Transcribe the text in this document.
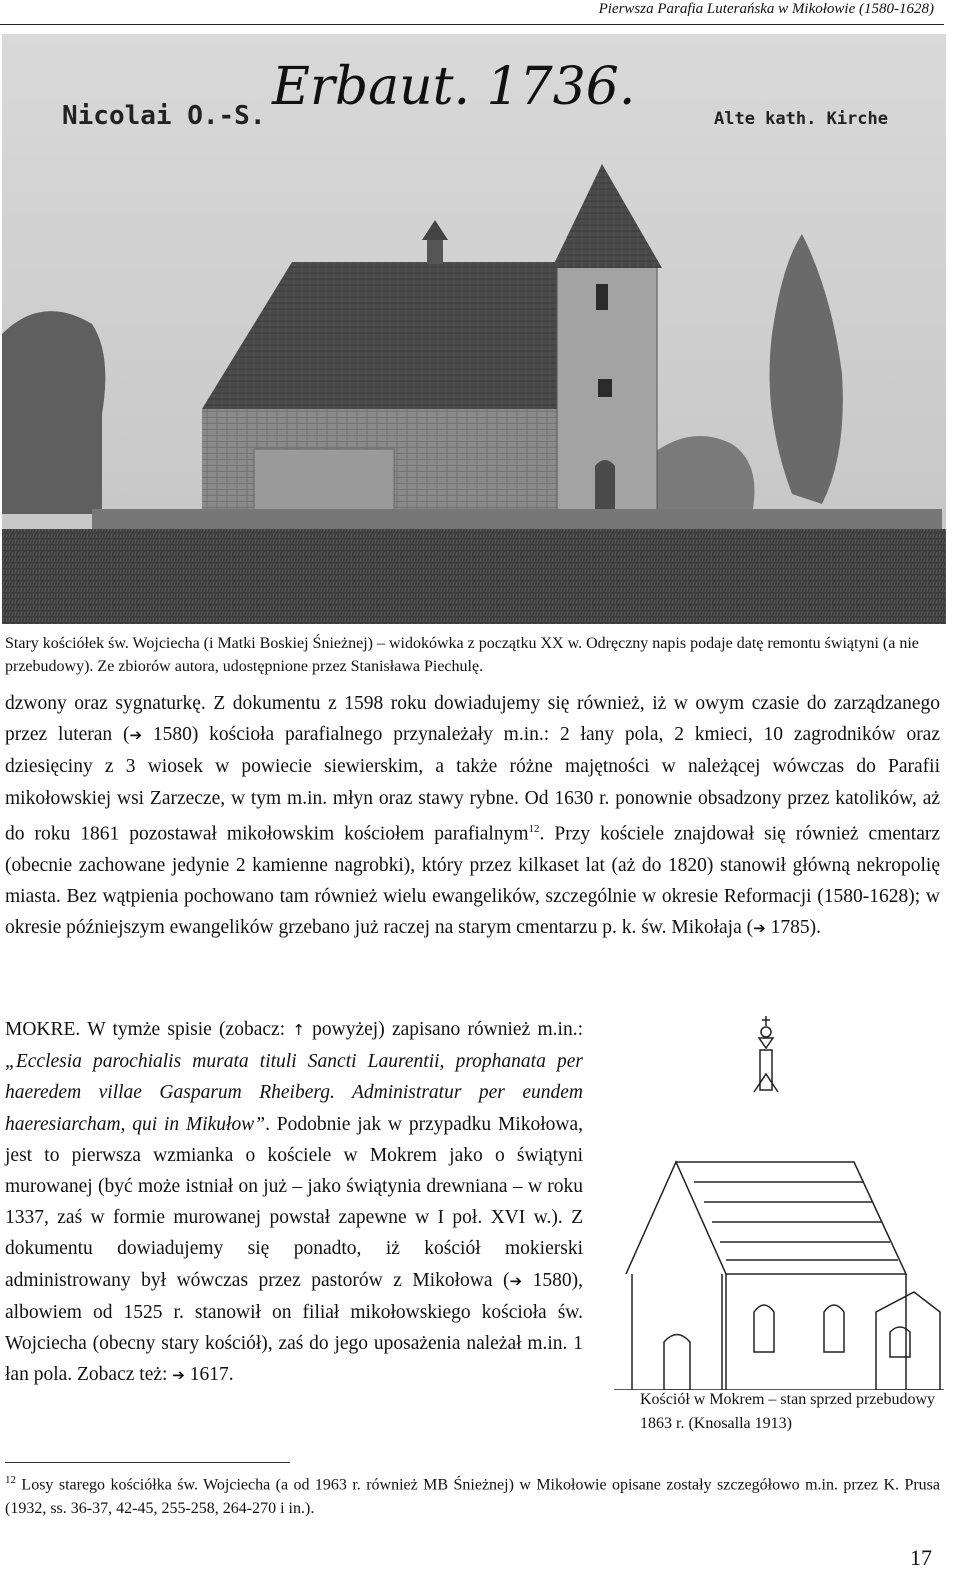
Pierwsza Parafia Luterańska w Mikołowie (1580-1628)
Nicolai O.-S. Erbaut. 1736.
Alte kath. Kirche
Stary kościółek św. Wojciecha (i Matki Boskiej Śnieżnej) – widokówka z początku XX w. Odręczny napis podaje datę remontu świątyni (a nie przebudowy). Ze zbiorów autora, udostępnione przez Stanisława Piechulę.
dzwony oraz sygnaturkę. Z dokumentu z 1598 roku dowiadujemy się również, iż w owym czasie do zarządzanego przez luteran (➔ 1580) kościoła parafialnego przynależały m.in.: 2 łany pola, 2 kmieci, 10 zagrodników oraz dziesięciny z 3 wiosek w powiecie siewierskim, a także różne majętności w należącej wówczas do Parafii mikołowskiej wsi Zarzecze, w tym m.in. młyn oraz stawy rybne. Od 1630 r. ponownie obsadzony przez katolików, aż do roku 1861 pozostawał mikołowskim kościołem parafialnym$^{12}$. Przy kościele znajdował się również cmentarz (obecnie zachowane jedynie 2 kamienne nagrobki), który przez kilkaset lat (aż do 1820) stanowił główną nekropolię miasta. Bez wątpienia pochowano tam również wielu ewangelików, szczególnie w okresie Reformacji (1580-1628); w okresie późniejszym ewangelików grzebano już raczej na starym cmentarzu p. k. św. Mikołaja (➔ 1785).
MOKRE. W tymże spisie (zobacz: ↑ powyżej) zapisano również m.in.: „Ecclesia parochialis murata tituli Sancti Laurentii, prophanata per haeredem villae Gasparum Rheiberg. Administratur per eundem haeresiarcham, qui in Mikułow”. Podobnie jak w przypadku Mikołowa, jest to pierwsza wzmianka o kościele w Mokrem jako o świątyni murowanej (być może istniał on już – jako świątynia drewniana – w roku 1337, zaś w formie murowanej powstał zapewne w I poł. XVI w.). Z dokumentu dowiadujemy się ponadto, iż kościół mokierski administrowany był wówczas przez pastorów z Mikołowa (➔ 1580), albowiem od 1525 r. stanowił on filiał mikołowskiego kościoła św. Wojciecha (obecny stary kościół), zaś do jego uposażenia należał m.in. 1 łan pola. Zobacz też: ➔ 1617.
Kościół w Mokrem – stan sprzed przebudowy 1863 r. (Knosalla 1913)
$^{12}$ Losy starego kościółka św. Wojciecha (a od 1963 r. również MB Śnieżnej) w Mikołowie opisane zostały szczegółowo m.in. przez K. Prusa (1932, ss. 36-37, 42-45, 255-258, 264-270 i in.).
17
